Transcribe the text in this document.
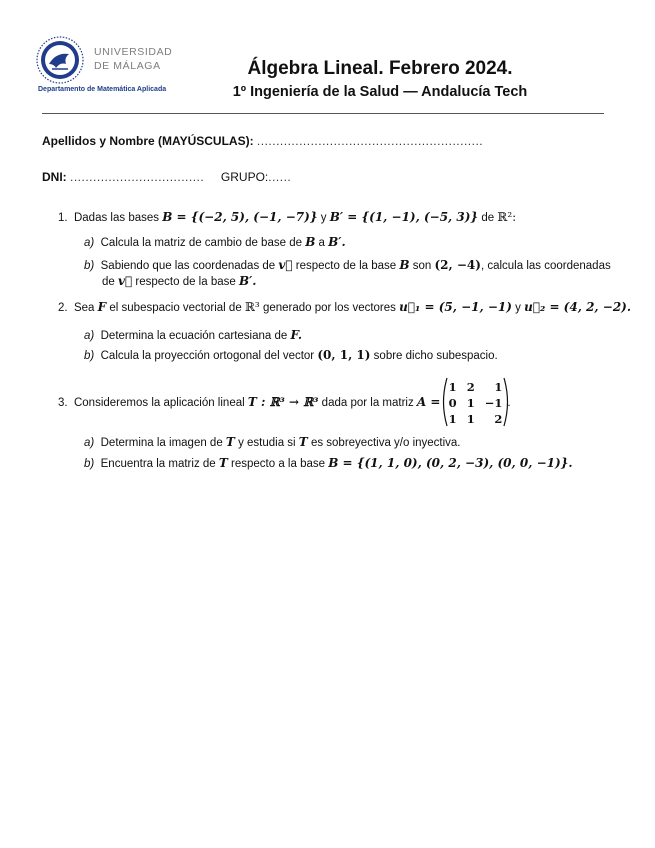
UNIVERSIDAD
DE MÁLAGA
Departamento de Matemática Aplicada
Álgebra Lineal. Febrero 2024.
1º Ingeniería de la Salud — Andalucía Tech
Apellidos y Nombre (MAYÚSCULAS): ...........................................................
DNI: ................................... GRUPO:......
1. Dadas las bases B = {(−2, 5), (−1, −7)} y B′ = {(1, −1), (−5, 3)} de ℝ²:
a) Calcula la matriz de cambio de base de B a B′.
b) Sabiendo que las coordenadas de v⃗ respecto de la base B son (2, −4), calcula las coordenadas
de v⃗ respecto de la base B′.
2. Sea F el subespacio vectorial de ℝ³ generado por los vectores u⃗₁ = (5, −1, −1) y u⃗₂ = (4, 2, −2).
a) Determina la ecuación cartesiana de F.
b) Calcula la proyección ortogonal del vector (0, 1, 1) sobre dicho subespacio.
3. Consideremos la aplicación lineal T : ℝ³ → ℝ³ dada por la matriz A =
1	2	1
0	1	−1
1	1	2
.
a) Determina la imagen de T y estudia si T es sobreyectiva y/o inyectiva.
b) Encuentra la matriz de T respecto a la base B = {(1, 1, 0), (0, 2, −3), (0, 0, −1)}.
